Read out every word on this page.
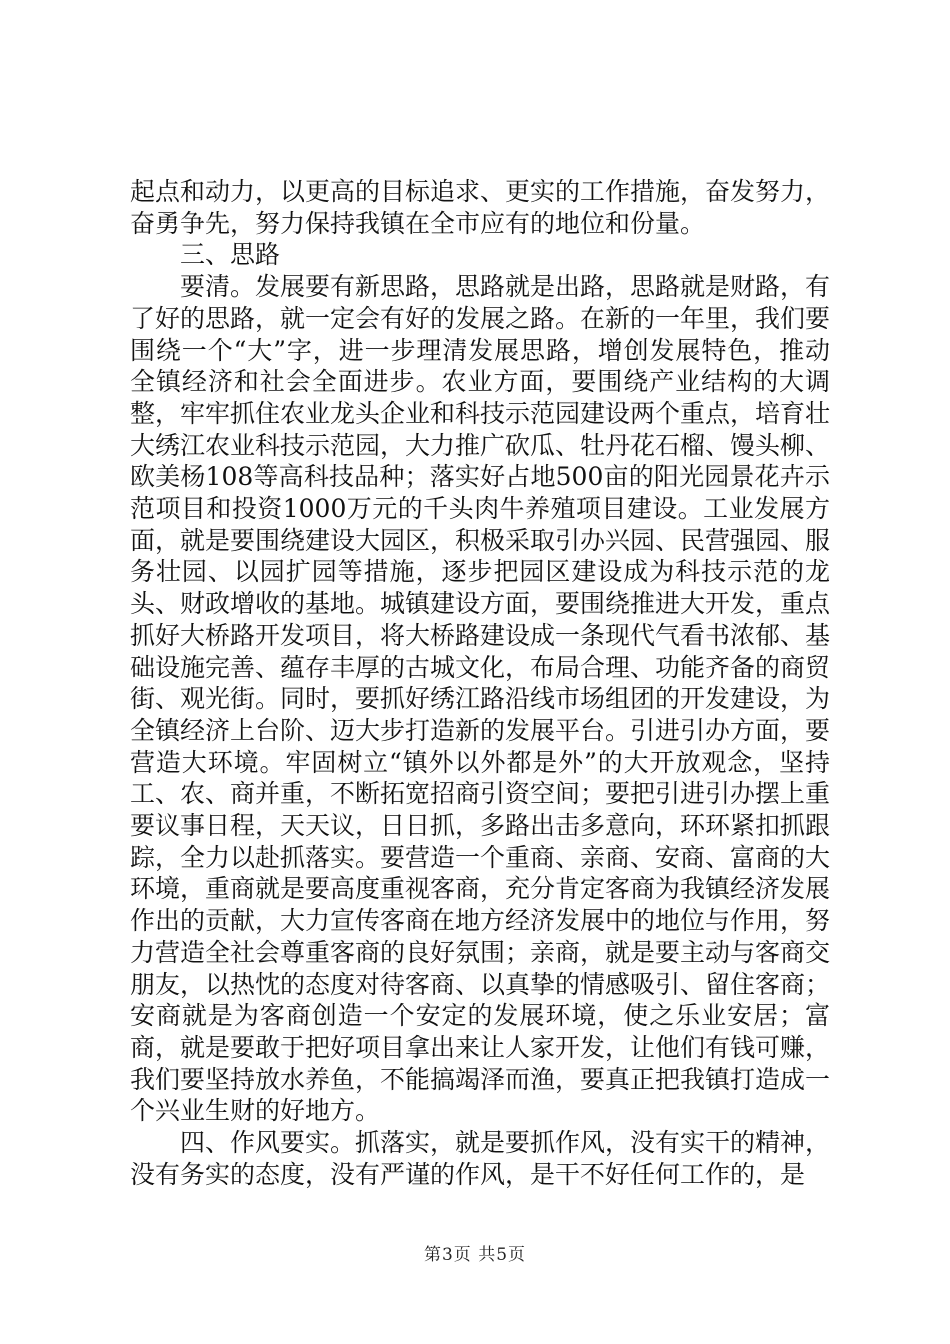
起点和动力，以更高的目标追求、更实的工作措施，奋发努力，奋勇争先，努力保持我镇在全市应有的地位和份量。

三、思路

要清。发展要有新思路，思路就是出路，思路就是财路，有了好的思路，就一定会有好的发展之路。在新的一年里，我们要围绕一个“大”字，进一步理清发展思路，增创发展特色，推动全镇经济和社会全面进步。农业方面，要围绕产业结构的大调整，牢牢抓住农业龙头企业和科技示范园建设两个重点，培育壮大绣江农业科技示范园，大力推广砍瓜、牡丹花石榴、馒头柳、欧美杨108等高科技品种；落实好占地500亩的阳光园景花卉示范项目和投资1000万元的千头肉牛养殖项目建设。工业发展方面，就是要围绕建设大园区，积极采取引办兴园、民营强园、服务壮园、以园扩园等措施，逐步把园区建设成为科技示范的龙头、财政增收的基地。城镇建设方面，要围绕推进大开发，重点抓好大桥路开发项目，将大桥路建设成一条现代气看书浓郁、基础设施完善、蕴存丰厚的古城文化，布局合理、功能齐备的商贸街、观光街。同时，要抓好绣江路沿线市场组团的开发建设，为全镇经济上台阶、迈大步打造新的发展平台。引进引办方面，要营造大环境。牢固树立“镇外以外都是外”的大开放观念，坚持工、农、商并重，不断拓宽招商引资空间；要把引进引办摆上重要议事日程，天天议，日日抓，多路出击多意向，环环紧扣抓跟踪，全力以赴抓落实。要营造一个重商、亲商、安商、富商的大环境，重商就是要高度重视客商，充分肯定客商为我镇经济发展作出的贡献，大力宣传客商在地方经济发展中的地位与作用，努力营造全社会尊重客商的良好氛围；亲商，就是要主动与客商交朋友，以热忱的态度对待客商、以真挚的情感吸引、留住客商；安商就是为客商创造一个安定的发展环境，使之乐业安居；富商，就是要敢于把好项目拿出来让人家开发，让他们有钱可赚，我们要坚持放水养鱼，不能搞竭泽而渔，要真正把我镇打造成一个兴业生财的好地方。

四、作风要实。抓落实，就是要抓作风，没有实干的精神，没有务实的态度，没有严谨的作风，是干不好任何工作的，是

第3页 共5页
